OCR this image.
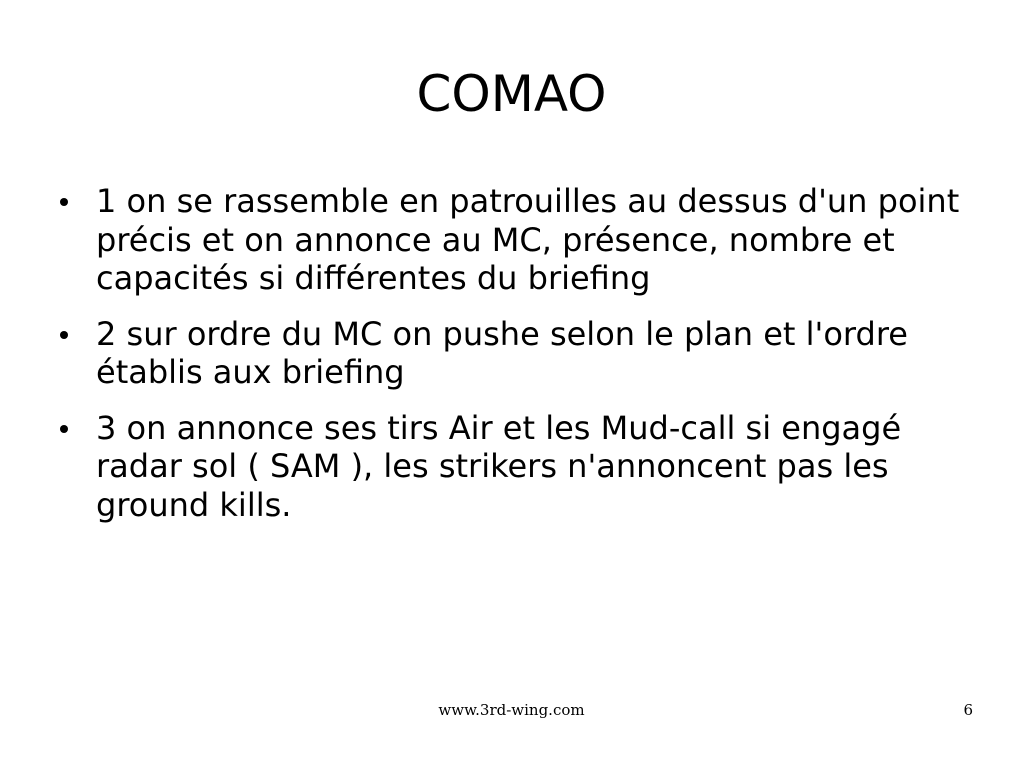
COMAO
1 on se rassemble en patrouilles au dessus d'un point précis et on annonce au MC, présence, nombre et capacités si différentes du briefing
2 sur ordre du MC on pushe selon le plan et l'ordre établis aux briefing
3 on annonce ses tirs Air et les Mud-call si engagé radar sol ( SAM ), les strikers n'annoncent pas les ground kills.
www.3rd-wing.com	6
